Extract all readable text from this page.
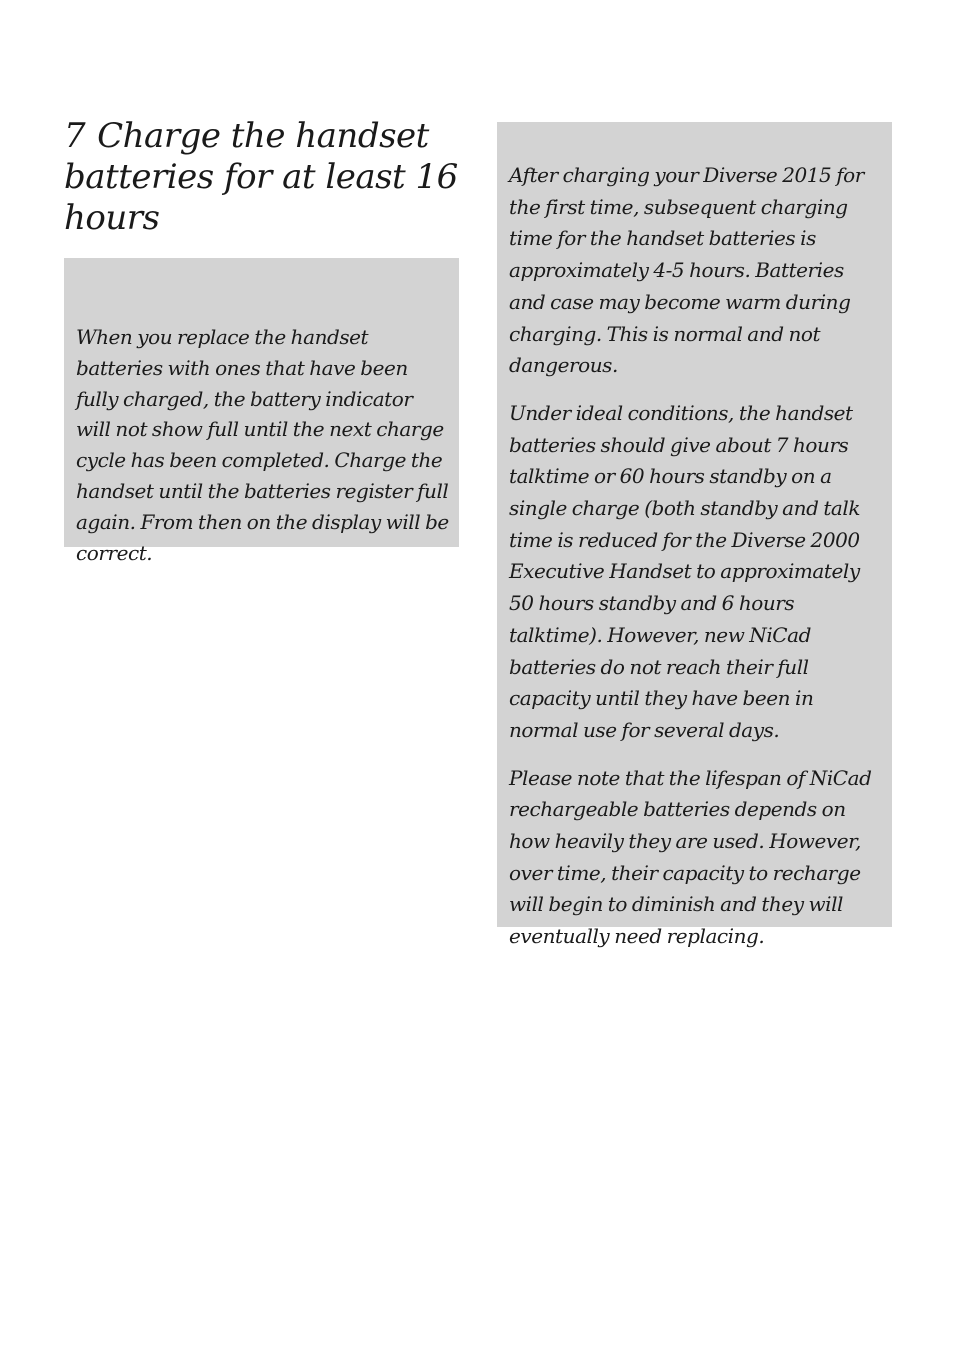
7 Charge the handset batteries for at least 16 hours

When you replace the handset batteries with ones that have been fully charged, the battery indicator will not show full until the next charge cycle has been completed. Charge the handset until the batteries register full again. From then on the display will be correct.

After charging your Diverse 2015 for the first time, subsequent charging time for the handset batteries is approximately 4-5 hours. Batteries and case may become warm during charging. This is normal and not dangerous.

Under ideal conditions, the handset batteries should give about 7 hours talktime or 60 hours standby on a single charge (both standby and talk time is reduced for the Diverse 2000 Executive Handset to approximately 50 hours standby and 6 hours talktime). However, new NiCad batteries do not reach their full capacity until they have been in normal use for several days.

Please note that the lifespan of NiCad rechargeable batteries depends on how heavily they are used. However, over time, their capacity to recharge will begin to diminish and they will eventually need replacing.
